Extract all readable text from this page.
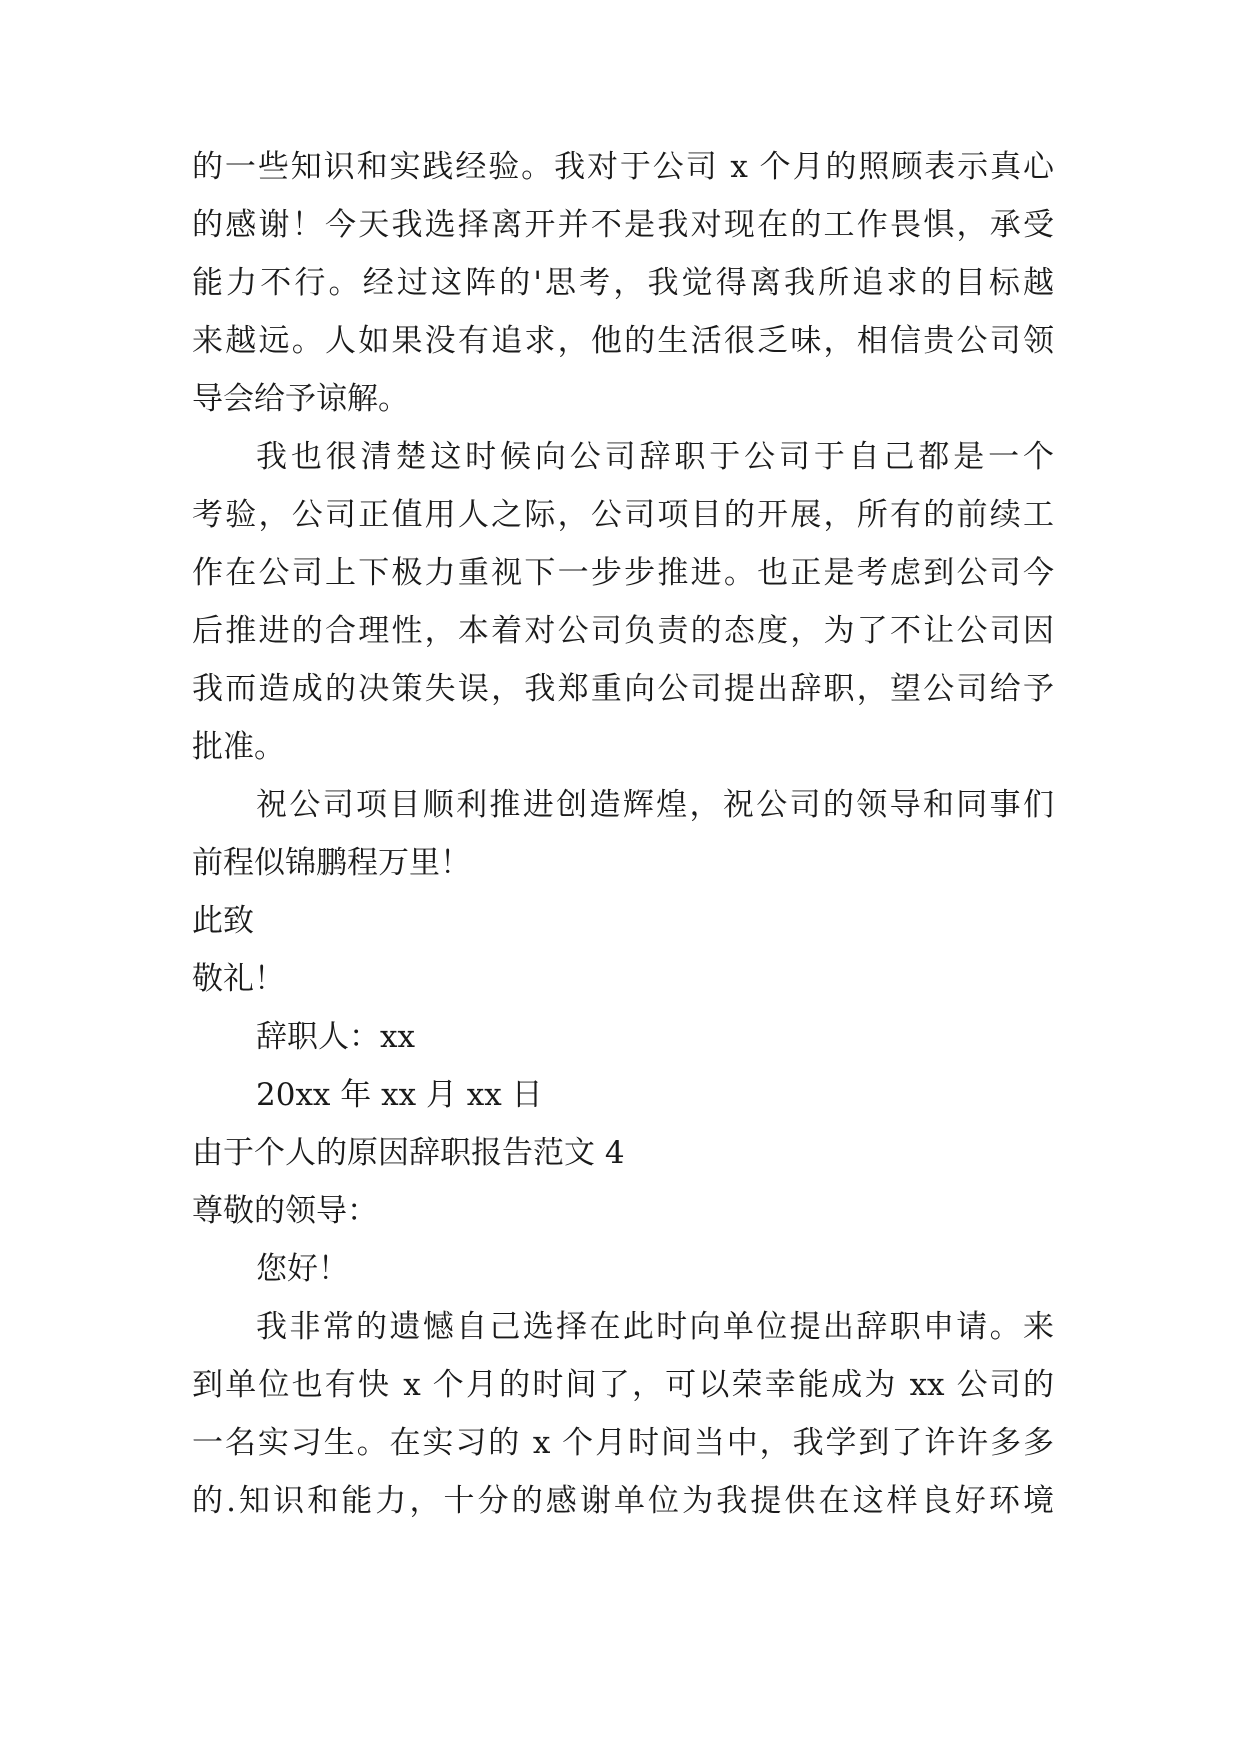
的一些知识和实践经验。我对于公司 x 个月的照顾表示真心
的感谢！今天我选择离开并不是我对现在的工作畏惧，承受
能力不行。经过这阵的'思考，我觉得离我所追求的目标越
来越远。人如果没有追求，他的生活很乏味，相信贵公司领
导会给予谅解。
我也很清楚这时候向公司辞职于公司于自己都是一个
考验，公司正值用人之际，公司项目的开展，所有的前续工
作在公司上下极力重视下一步步推进。也正是考虑到公司今
后推进的合理性，本着对公司负责的态度，为了不让公司因
我而造成的决策失误，我郑重向公司提出辞职，望公司给予
批准。
祝公司项目顺利推进创造辉煌，祝公司的领导和同事们
前程似锦鹏程万里！
此致
敬礼！
辞职人：xx
20xx 年 xx 月 xx 日
由于个人的原因辞职报告范文 4
尊敬的领导：
您好！
我非常的遗憾自己选择在此时向单位提出辞职申请。来
到单位也有快 x 个月的时间了，可以荣幸能成为 xx 公司的
一名实习生。在实习的 x 个月时间当中，我学到了许许多多
的.知识和能力，十分的感谢单位为我提供在这样良好环境
